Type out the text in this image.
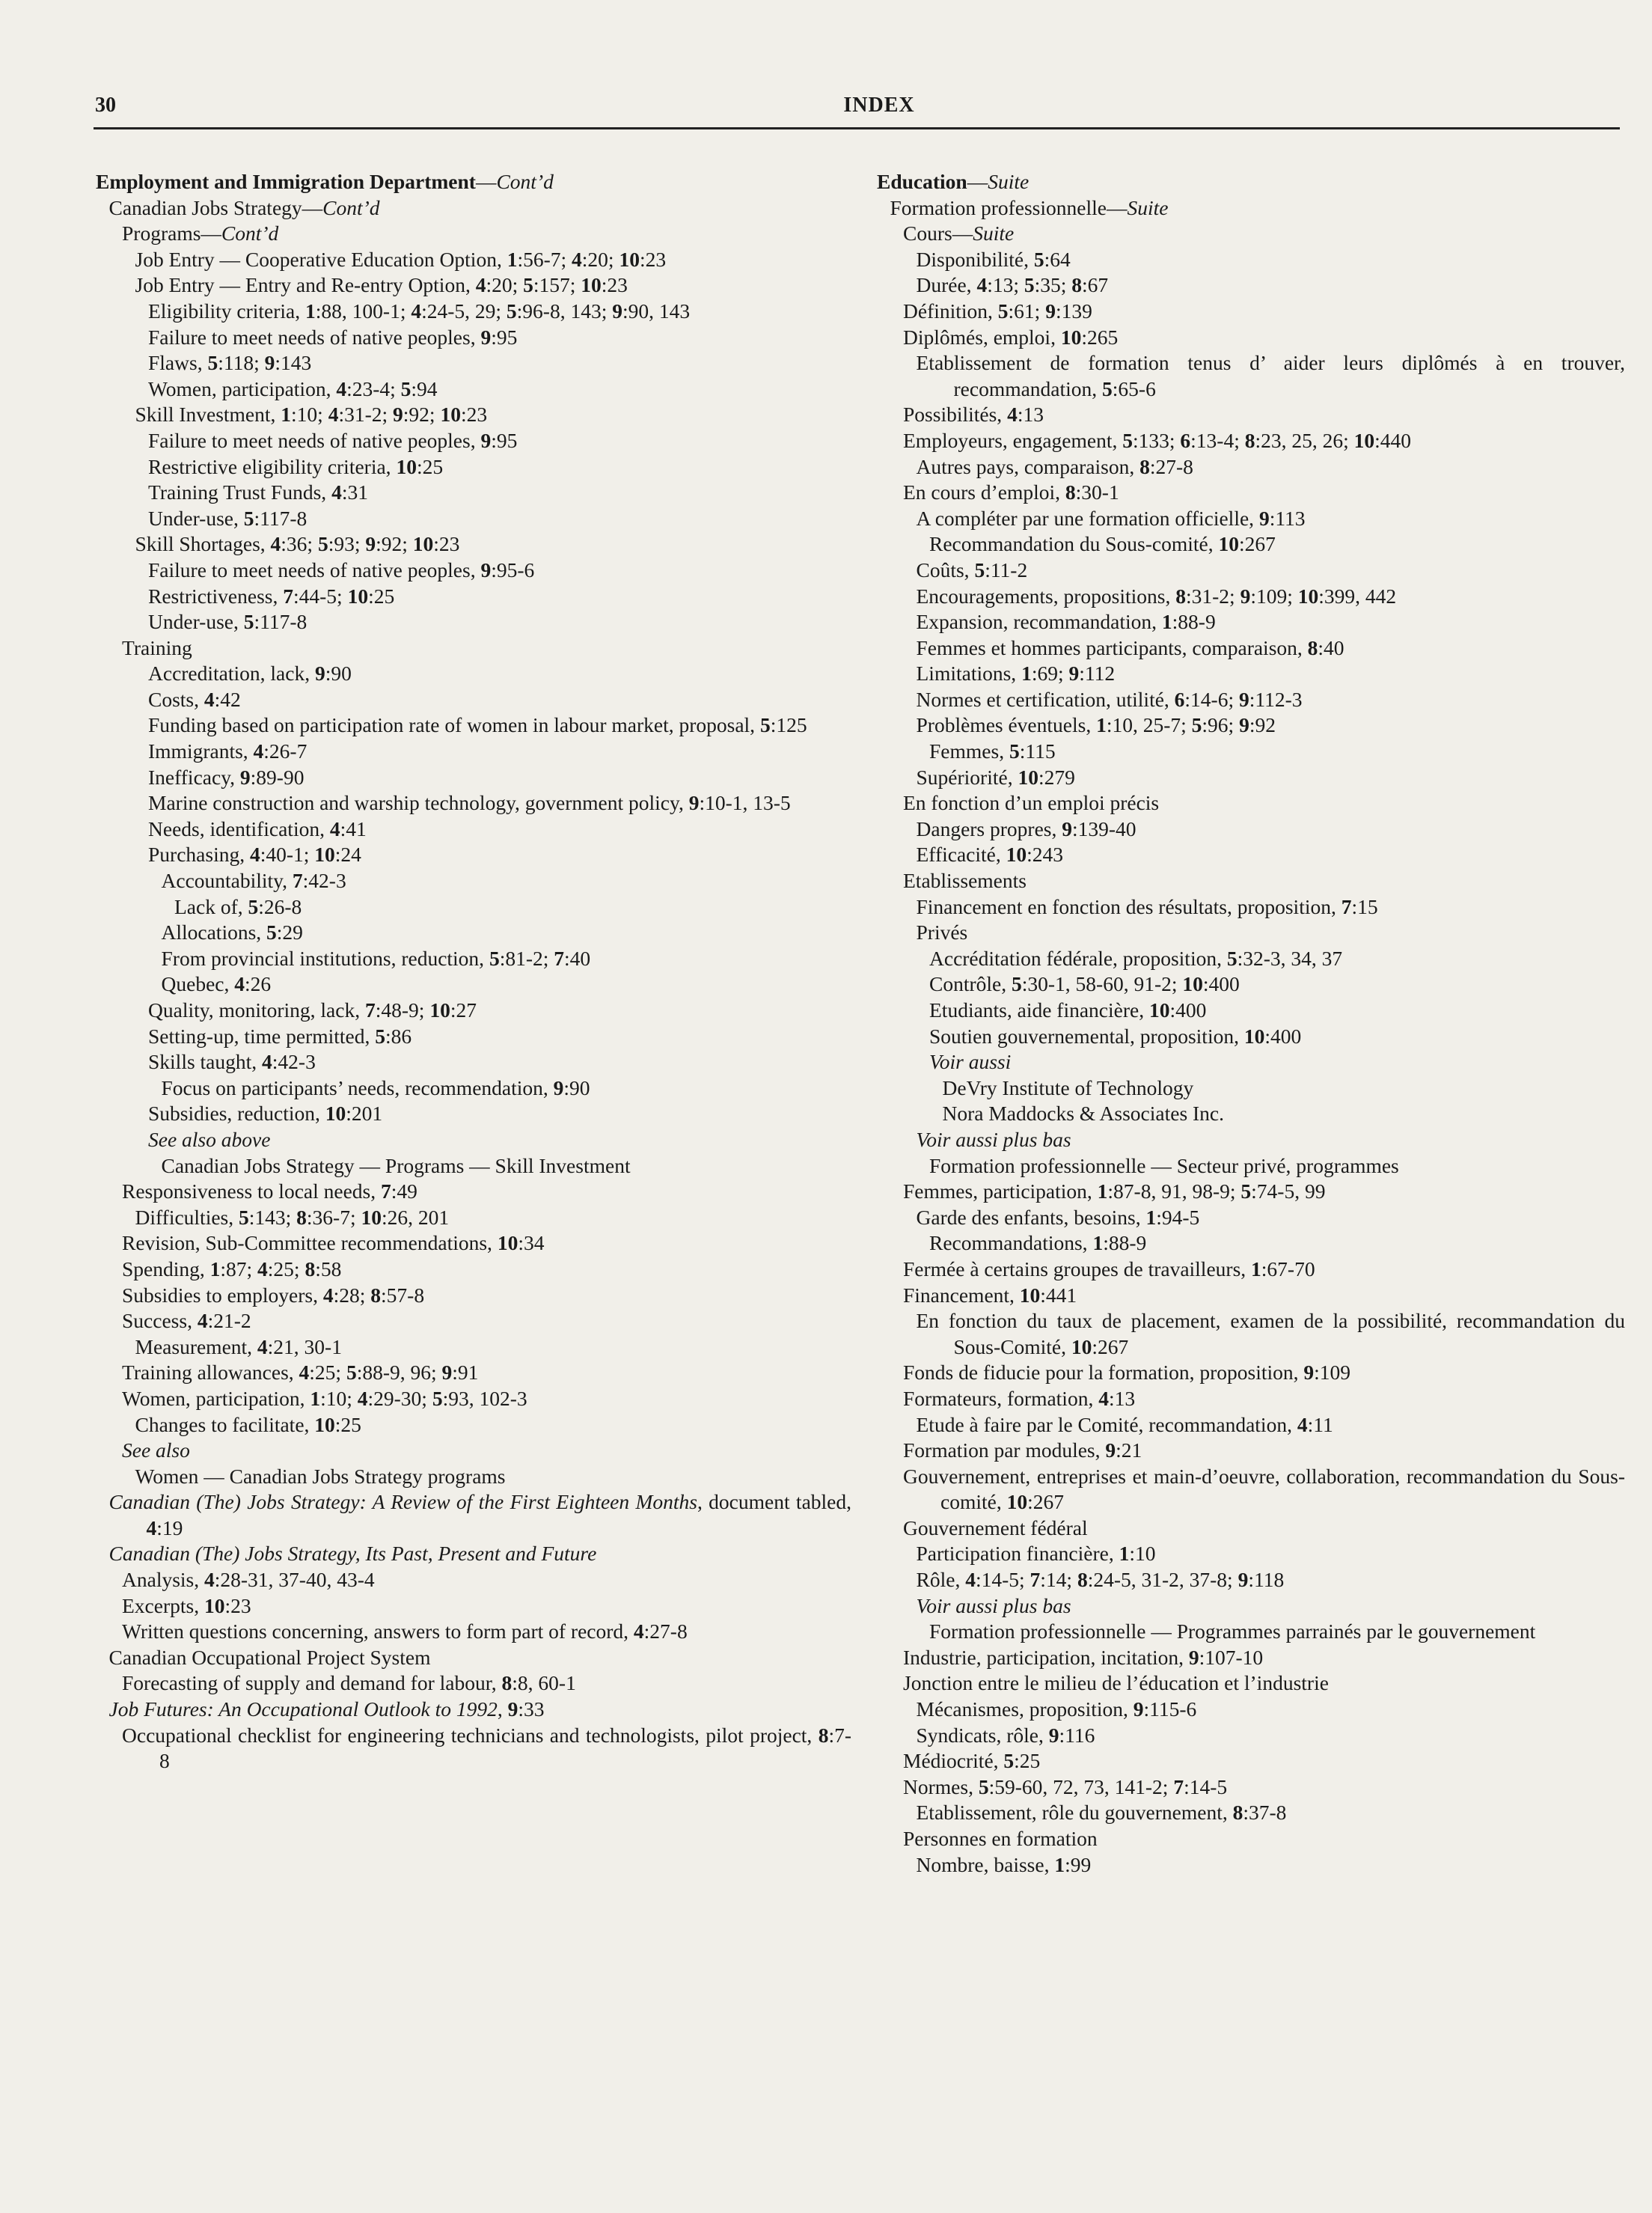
30	INDEX
Employment and Immigration Department—Cont’d
Canadian Jobs Strategy—Cont’d
Programs—Cont’d
Job Entry — Cooperative Education Option, 1:56-7; 4:20; 10:23
Job Entry — Entry and Re-entry Option, 4:20; 5:157; 10:23
Eligibility criteria, 1:88, 100-1; 4:24-5, 29; 5:96-8, 143; 9:90, 143
Failure to meet needs of native peoples, 9:95
Flaws, 5:118; 9:143
Women, participation, 4:23-4; 5:94
Skill Investment, 1:10; 4:31-2; 9:92; 10:23
Failure to meet needs of native peoples, 9:95
Restrictive eligibility criteria, 10:25
Training Trust Funds, 4:31
Under-use, 5:117-8
Skill Shortages, 4:36; 5:93; 9:92; 10:23
Failure to meet needs of native peoples, 9:95-6
Restrictiveness, 7:44-5; 10:25
Under-use, 5:117-8
Training
Accreditation, lack, 9:90
Costs, 4:42
Funding based on participation rate of women in labour market, proposal, 5:125
Immigrants, 4:26-7
Inefficacy, 9:89-90
Marine construction and warship technology, government policy, 9:10-1, 13-5
Needs, identification, 4:41
Purchasing, 4:40-1; 10:24
Accountability, 7:42-3
Lack of, 5:26-8
Allocations, 5:29
From provincial institutions, reduction, 5:81-2; 7:40
Quebec, 4:26
Quality, monitoring, lack, 7:48-9; 10:27
Setting-up, time permitted, 5:86
Skills taught, 4:42-3
Focus on participants’ needs, recommendation, 9:90
Subsidies, reduction, 10:201
See also above
Canadian Jobs Strategy — Programs — Skill Investment
Responsiveness to local needs, 7:49
Difficulties, 5:143; 8:36-7; 10:26, 201
Revision, Sub-Committee recommendations, 10:34
Spending, 1:87; 4:25; 8:58
Subsidies to employers, 4:28; 8:57-8
Success, 4:21-2
Measurement, 4:21, 30-1
Training allowances, 4:25; 5:88-9, 96; 9:91
Women, participation, 1:10; 4:29-30; 5:93, 102-3
Changes to facilitate, 10:25
See also
Women — Canadian Jobs Strategy programs
Canadian (The) Jobs Strategy: A Review of the First Eighteen Months, document tabled, 4:19
Canadian (The) Jobs Strategy, Its Past, Present and Future
Analysis, 4:28-31, 37-40, 43-4
Excerpts, 10:23
Written questions concerning, answers to form part of record, 4:27-8
Canadian Occupational Project System
Forecasting of supply and demand for labour, 8:8, 60-1
Job Futures: An Occupational Outlook to 1992, 9:33
Occupational checklist for engineering technicians and technologists, pilot project, 8:7-8
Education—Suite
Formation professionnelle—Suite
Cours—Suite
Disponibilité, 5:64
Durée, 4:13; 5:35; 8:67
Définition, 5:61; 9:139
Diplômés, emploi, 10:265
Etablissement de formation tenus d’ aider leurs diplômés à en trouver, recommandation, 5:65-6
Possibilités, 4:13
Employeurs, engagement, 5:133; 6:13-4; 8:23, 25, 26; 10:440
Autres pays, comparaison, 8:27-8
En cours d’emploi, 8:30-1
A compléter par une formation officielle, 9:113
Recommandation du Sous-comité, 10:267
Coûts, 5:11-2
Encouragements, propositions, 8:31-2; 9:109; 10:399, 442
Expansion, recommandation, 1:88-9
Femmes et hommes participants, comparaison, 8:40
Limitations, 1:69; 9:112
Normes et certification, utilité, 6:14-6; 9:112-3
Problèmes éventuels, 1:10, 25-7; 5:96; 9:92
Femmes, 5:115
Supériorité, 10:279
En fonction d’un emploi précis
Dangers propres, 9:139-40
Efficacité, 10:243
Etablissements
Financement en fonction des résultats, proposition, 7:15
Privés
Accréditation fédérale, proposition, 5:32-3, 34, 37
Contrôle, 5:30-1, 58-60, 91-2; 10:400
Etudiants, aide financière, 10:400
Soutien gouvernemental, proposition, 10:400
Voir aussi
DeVry Institute of Technology
Nora Maddocks & Associates Inc.
Voir aussi plus bas
Formation professionnelle — Secteur privé, programmes
Femmes, participation, 1:87-8, 91, 98-9; 5:74-5, 99
Garde des enfants, besoins, 1:94-5
Recommandations, 1:88-9
Fermée à certains groupes de travailleurs, 1:67-70
Financement, 10:441
En fonction du taux de placement, examen de la possibilité, recommandation du Sous-Comité, 10:267
Fonds de fiducie pour la formation, proposition, 9:109
Formateurs, formation, 4:13
Etude à faire par le Comité, recommandation, 4:11
Formation par modules, 9:21
Gouvernement, entreprises et main-d’oeuvre, collaboration, recommandation du Sous-comité, 10:267
Gouvernement fédéral
Participation financière, 1:10
Rôle, 4:14-5; 7:14; 8:24-5, 31-2, 37-8; 9:118
Voir aussi plus bas
Formation professionnelle — Programmes parrainés par le gouvernement
Industrie, participation, incitation, 9:107-10
Jonction entre le milieu de l’éducation et l’industrie
Mécanismes, proposition, 9:115-6
Syndicats, rôle, 9:116
Médiocrité, 5:25
Normes, 5:59-60, 72, 73, 141-2; 7:14-5
Etablissement, rôle du gouvernement, 8:37-8
Personnes en formation
Nombre, baisse, 1:99
